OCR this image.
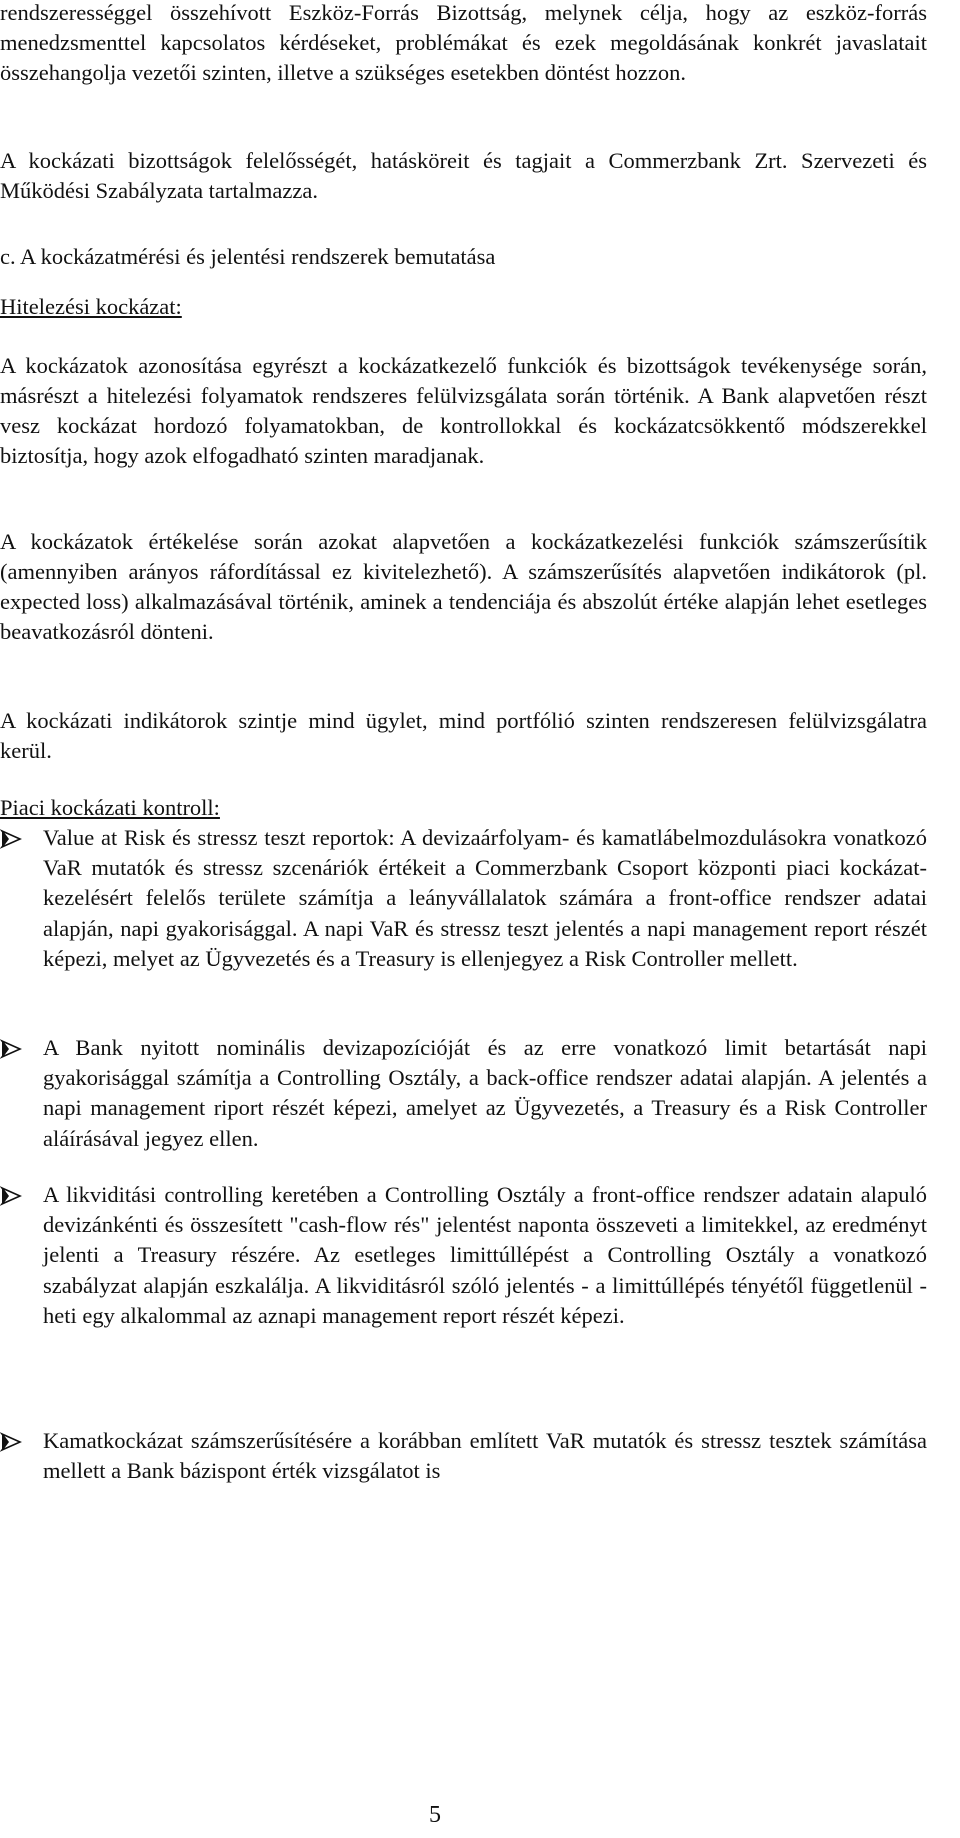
rendszerességgel összehívott Eszköz-Forrás Bizottság, melynek célja, hogy az eszköz-forrás menedzsmenttel kapcsolatos kérdéseket, problémákat és ezek megoldásának konkrét javaslatait összehangolja vezetői szinten, illetve a szükséges esetekben döntést hozzon.

A kockázati bizottságok felelősségét, hatásköreit és tagjait a Commerzbank Zrt. Szervezeti és Működési Szabályzata tartalmazza.

c. A kockázatmérési és jelentési rendszerek bemutatása

Hitelezési kockázat:

A kockázatok azonosítása egyrészt a kockázatkezelő funkciók és bizottságok tevékenysége során, másrészt a hitelezési folyamatok rendszeres felülvizsgálata során történik. A Bank alapvetően részt vesz kockázat hordozó folyamatokban, de kontrollokkal és kockázatcsökkentő módszerekkel biztosítja, hogy azok elfogadható szinten maradjanak.

A kockázatok értékelése során azokat alapvetően a kockázatkezelési funkciók számszerűsítik (amennyiben arányos ráfordítással ez kivitelezhető). A számszerűsítés alapvetően indikátorok (pl. expected loss) alkalmazásával történik, aminek a tendenciája és abszolút értéke alapján lehet esetleges beavatkozásról dönteni.

A kockázati indikátorok szintje mind ügylet, mind portfólió szinten rendszeresen felülvizsgálatra kerül.

Piaci kockázati kontroll:

Value at Risk és stressz teszt reportok: A devizaárfolyam- és kamatlábelmozdulásokra vonatkozó VaR mutatók és stressz szcenáriók értékeit a Commerzbank Csoport központi piaci kockázat-kezelésért felelős területe számítja a leányvállalatok számára a front-office rendszer adatai alapján, napi gyakorisággal. A napi VaR és stressz teszt jelentés a napi management report részét képezi, melyet az Ügyvezetés és a Treasury is ellenjegyez a Risk Controller mellett.
A Bank nyitott nominális devizapozícióját és az erre vonatkozó limit betartását napi gyakorisággal számítja a Controlling Osztály, a back-office rendszer adatai alapján. A jelentés a napi management riport részét képezi, amelyet az Ügyvezetés, a Treasury és a Risk Controller aláírásával jegyez ellen.
A likviditási controlling keretében a Controlling Osztály a front-office rendszer adatain alapuló devizánkénti és összesített "cash-flow rés" jelentést naponta összeveti a limitekkel, az eredményt jelenti a Treasury részére. Az esetleges limittúllépést a Controlling Osztály a vonatkozó szabályzat alapján eszkalálja. A likviditásról szóló jelentés - a limittúllépés tényétől függetlenül - heti egy alkalommal az aznapi management report részét képezi.
Kamatkockázat számszerűsítésére a korábban említett VaR mutatók és stressz tesztek számítása mellett a Bank bázispont érték vizsgálatot is
5
